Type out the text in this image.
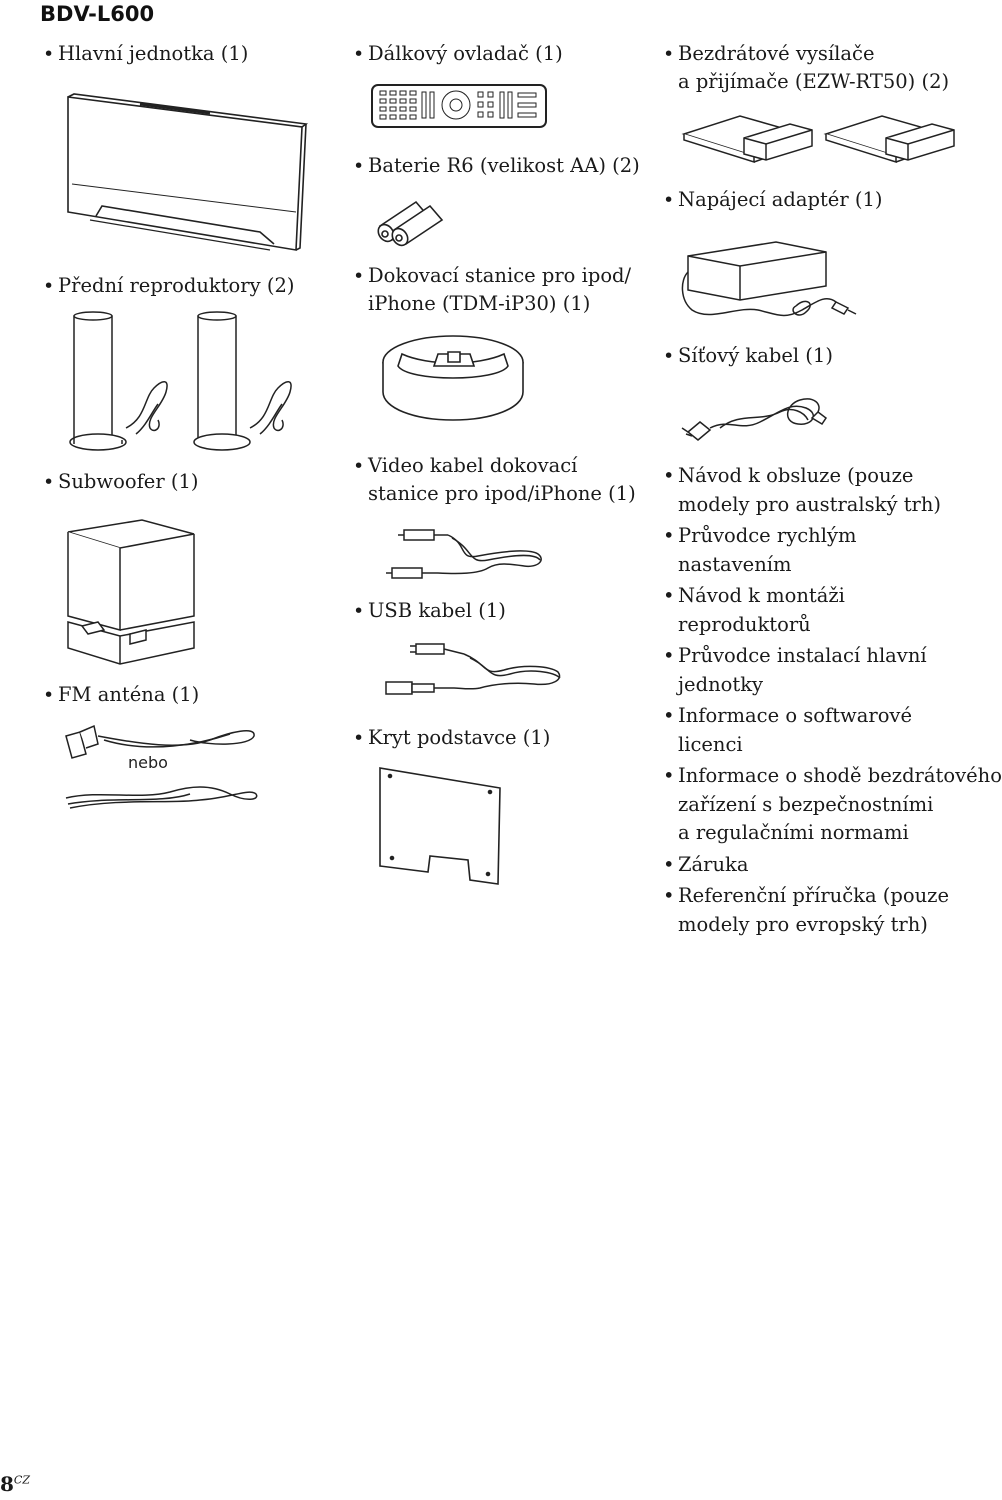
BDV-L600
• Hlavní jednotka (1)
• Přední reproduktory (2)
• Subwoofer (1)
• FM anténa (1)
nebo
• Dálkový ovladač (1)
• Baterie R6 (velikost AA) (2)
• Dokovací stanice pro ipod/
iPhone (TDM-iP30) (1)
• Video kabel dokovací
stanice pro ipod/iPhone (1)
• USB kabel (1)
• Kryt podstavce (1)
• Bezdrátové vysílače
a přijímače (EZW-RT50) (2)
• Napájecí adaptér (1)
• Síťový kabel (1)
• Návod k obsluze (pouze
modely pro australský trh)
• Průvodce rychlým
nastavením
• Návod k montáži
reproduktorů
• Průvodce instalací hlavní
jednotky
• Informace o softwarové
licenci
• Informace o shodě bezdrátového
zařízení s bezpečnostními
a regulačními normami
• Záruka
• Referenční příručka (pouze
modely pro evropský trh)
$8^{CZ}$
